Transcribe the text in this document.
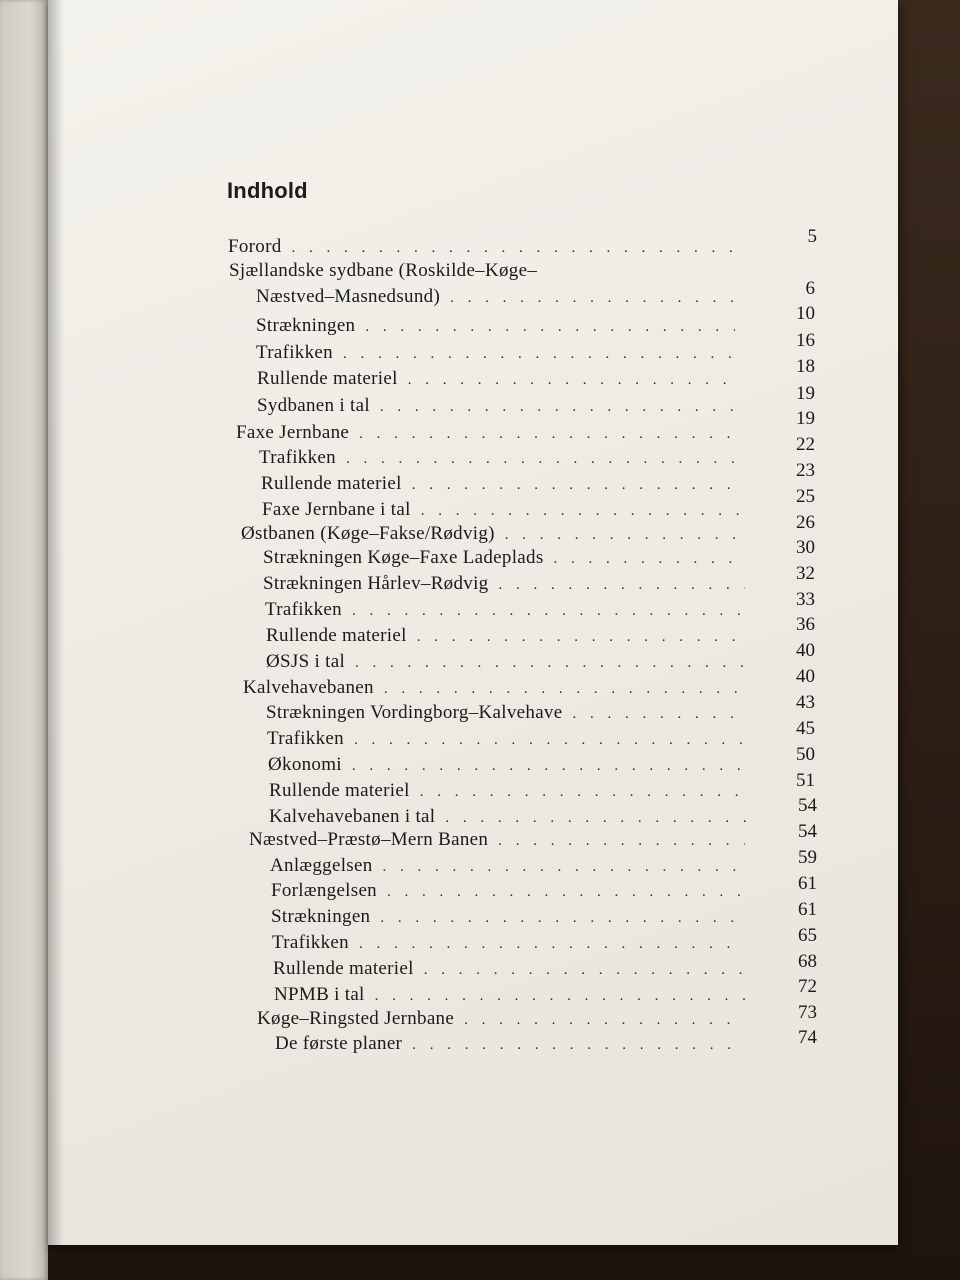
Indhold
Sjællandske sydbane (Roskilde–Køge–
Forord
. . .
Næstved–Masnedsund)
. . .
Strækningen
. . .
Trafikken
. . .
Rullende materiel
. . .
Sydbanen i tal
. . .
Faxe Jernbane
. . .
Trafikken
. . .
Rullende materiel
. . .
Faxe Jernbane i tal
. . .
Østbanen (Køge–Fakse/Rødvig)
. . .
Strækningen Køge–Faxe Ladeplads
. . .
Strækningen Hårlev–Rødvig
. . .
Trafikken
. . .
Rullende materiel
. . .
ØSJS i tal
. . .
Kalvehavebanen
. . .
Strækningen Vordingborg–Kalvehave
. . .
Trafikken
. . .
Økonomi
. . .
Rullende materiel
. . .
Kalvehavebanen i tal
. . .
Næstved–Præstø–Mern Banen
. . .
Anlæggelsen
. . .
Forlængelsen
. . .
Strækningen
. . .
Trafikken
. . .
Rullende materiel
. . .
NPMB i tal
. . .
Køge–Ringsted Jernbane
. . .
De første planer
. . .
5
6
10
16
18
19
19
22
23
25
26
30
32
33
36
40
40
43
45
50
51
54
54
59
61
61
65
68
72
73
74
